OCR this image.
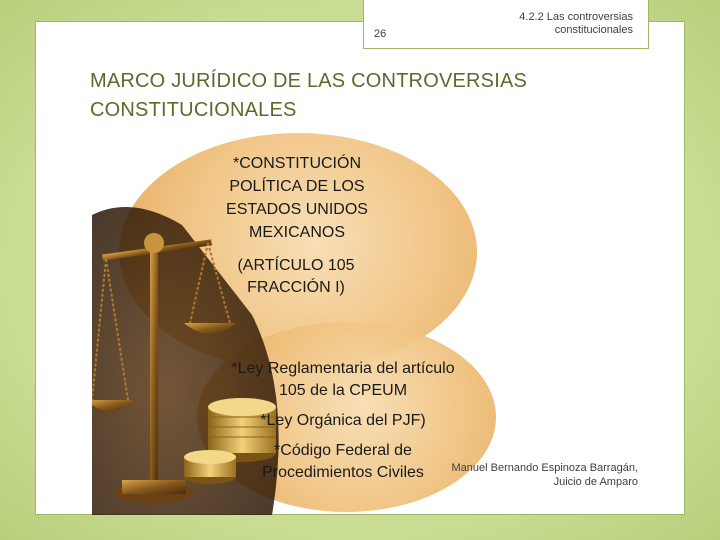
26
4.2.2 Las controversias constitucionales
MARCO JURÍDICO DE LAS CONTROVERSIAS CONSTITUCIONALES
*CONSTITUCIÓN POLÍTICA DE LOS ESTADOS UNIDOS MEXICANOS
(ARTÍCULO 105 FRACCIÓN I)

*Ley Reglamentaria del artículo 105 de la CPEUM

*Ley Orgánica del PJF)

*Código Federal de Procedimientos Civiles	Manuel Bernando Espinoza Barragán, Juicio de Amparo
